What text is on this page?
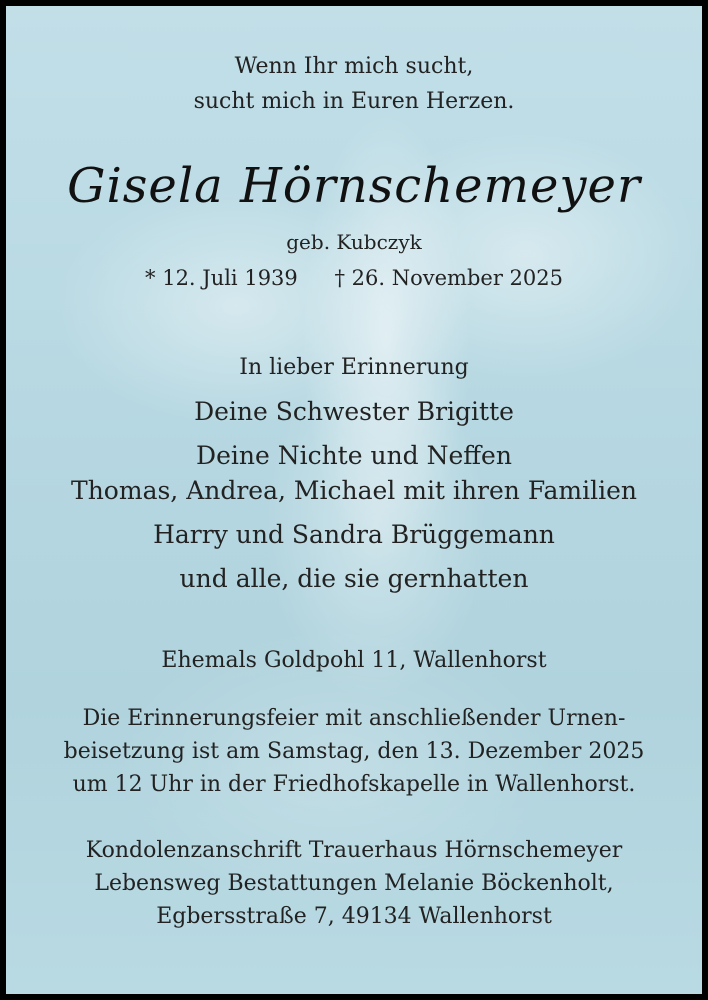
Wenn Ihr mich sucht,
sucht mich in Euren Herzen.
Gisela Hörnschemeyer
geb. Kubczyk
* 12. Juli 1939 † 26. November 2025
In lieber Erinnerung
Deine Schwester Brigitte
Deine Nichte und Neffen
Thomas, Andrea, Michael mit ihren Familien
Harry und Sandra Brüggemann
und alle, die sie gernhatten
Ehemals Goldpohl 11, Wallenhorst
Die Erinnerungsfeier mit anschließender Urnen-
beisetzung ist am Samstag, den 13. Dezember 2025
um 12 Uhr in der Friedhofskapelle in Wallenhorst.
Kondolenzanschrift Trauerhaus Hörnschemeyer
Lebensweg Bestattungen Melanie Böckenholt,
Egbersstraße 7, 49134 Wallenhorst
